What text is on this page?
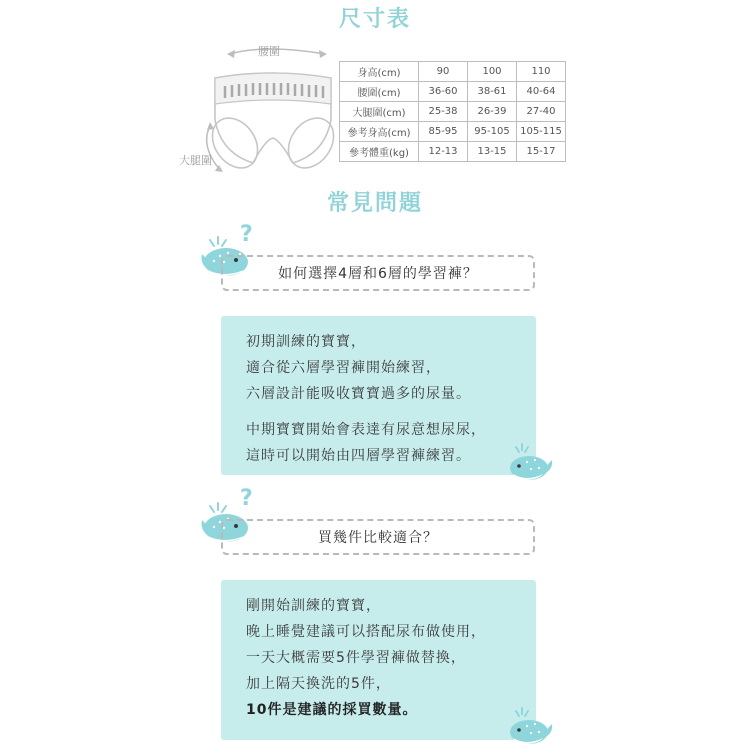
尺寸表
腰圍
大腿圍
身高(cm)	90	100	110
腰圍(cm)	36-60	38-61	40-64
大腿圍(cm)	25-38	26-39	27-40
參考身高(cm)	85-95	95-105	105-115
參考體重(kg)	12-13	13-15	15-17
常見問題
?
如何選擇4層和6層的學習褲？
初期訓練的寶寶，
適合從六層學習褲開始練習，
六層設計能吸收寶寶過多的尿量。
中期寶寶開始會表達有尿意想尿尿，
這時可以開始由四層學習褲練習。
?
買幾件比較適合？
剛開始訓練的寶寶，
晚上睡覺建議可以搭配尿布做使用，
一天大概需要5件學習褲做替換，
加上隔天換洗的5件，
10件是建議的採買數量。
